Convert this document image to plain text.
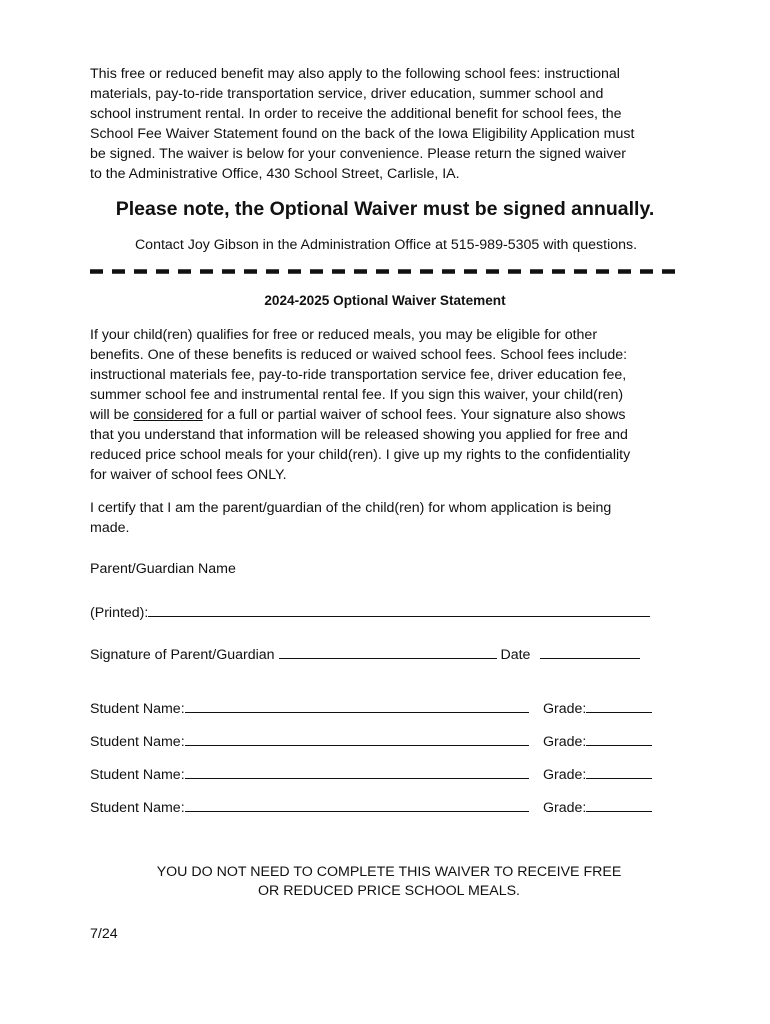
This free or reduced benefit may also apply to the following school fees: instructional

materials, pay-to-ride transportation service, driver education, summer school and

school instrument rental. In order to receive the additional benefit for school fees, the

School Fee Waiver Statement found on the back of the Iowa Eligibility Application must

be signed. The waiver is below for your convenience. Please return the signed waiver

to the Administrative Office, 430 School Street, Carlisle, IA.

Please note, the Optional Waiver must be signed annually.
Contact Joy Gibson in the Administration Office at 515-989-5305 with questions.
2024-2025 Optional Waiver Statement

If your child(ren) qualifies for free or reduced meals, you may be eligible for other

benefits. One of these benefits is reduced or waived school fees. School fees include:

instructional materials fee, pay-to-ride transportation service fee, driver education fee,

summer school fee and instrumental rental fee. If you sign this waiver, your child(ren)

will be considered for a full or partial waiver of school fees. Your signature also shows

that you understand that information will be released showing you applied for free and

reduced price school meals for your child(ren). I give up my rights to the confidentiality

for waiver of school fees ONLY.

I certify that I am the parent/guardian of the child(ren) for whom application is being

made.

Parent/Guardian Name
(Printed):
Signature of Parent/Guardian	Date
Student Name:	Grade:
Student Name:	Grade:
Student Name:	Grade:
Student Name:	Grade:

YOU DO NOT NEED TO COMPLETE THIS WAIVER TO RECEIVE FREE

OR REDUCED PRICE SCHOOL MEALS.

7/24
